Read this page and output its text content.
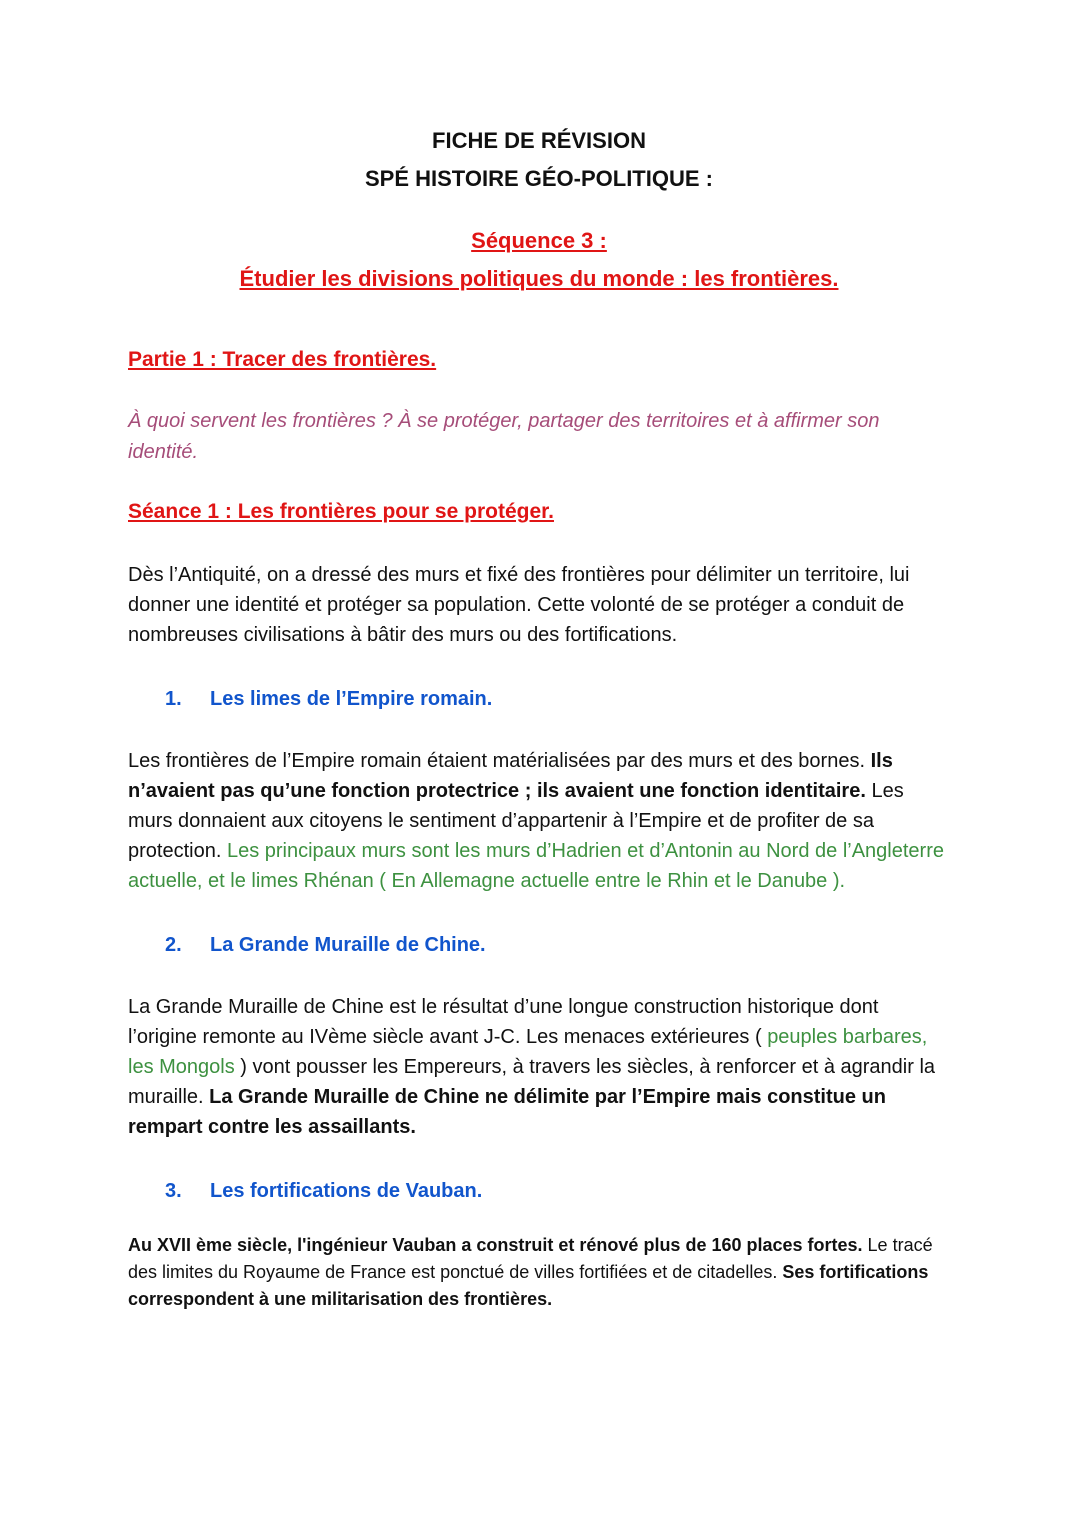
FICHE DE RÉVISION
SPÉ HISTOIRE GÉO-POLITIQUE :
Séquence 3 :
Étudier les divisions politiques du monde : les frontières.
Partie 1 : Tracer des frontières.
À quoi servent les frontières ? À se protéger, partager des territoires et à affirmer son identité.
Séance 1 : Les frontières pour se protéger.

Dès l’Antiquité, on a dressé des murs et fixé des frontières pour délimiter un territoire, lui donner une identité et protéger sa population. Cette volonté de se protéger a conduit de nombreuses civilisations à bâtir des murs ou des fortifications.

1. Les limes de l’Empire romain.

Les frontières de l’Empire romain étaient matérialisées par des murs et des bornes. Ils n’avaient pas qu’une fonction protectrice ; ils avaient une fonction identitaire. Les murs donnaient aux citoyens le sentiment d’appartenir à l’Empire et de profiter de sa protection. Les principaux murs sont les murs d’Hadrien et d’Antonin au Nord de l’Angleterre actuelle, et le limes Rhénan ( En Allemagne actuelle entre le Rhin et le Danube ).

2. La Grande Muraille de Chine.

La Grande Muraille de Chine est le résultat d’une longue construction historique dont l’origine remonte au IVème siècle avant J-C. Les menaces extérieures ( peuples barbares, les Mongols ) vont pousser les Empereurs, à travers les siècles, à renforcer et à agrandir la muraille. La Grande Muraille de Chine ne délimite par l’Empire mais constitue un rempart contre les assaillants.

3. Les fortifications de Vauban.

Au XVII ème siècle, l'ingénieur Vauban a construit et rénové plus de 160 places fortes. Le tracé des limites du Royaume de France est ponctué de villes fortifiées et de citadelles. Ses fortifications correspondent à une militarisation des frontières.
